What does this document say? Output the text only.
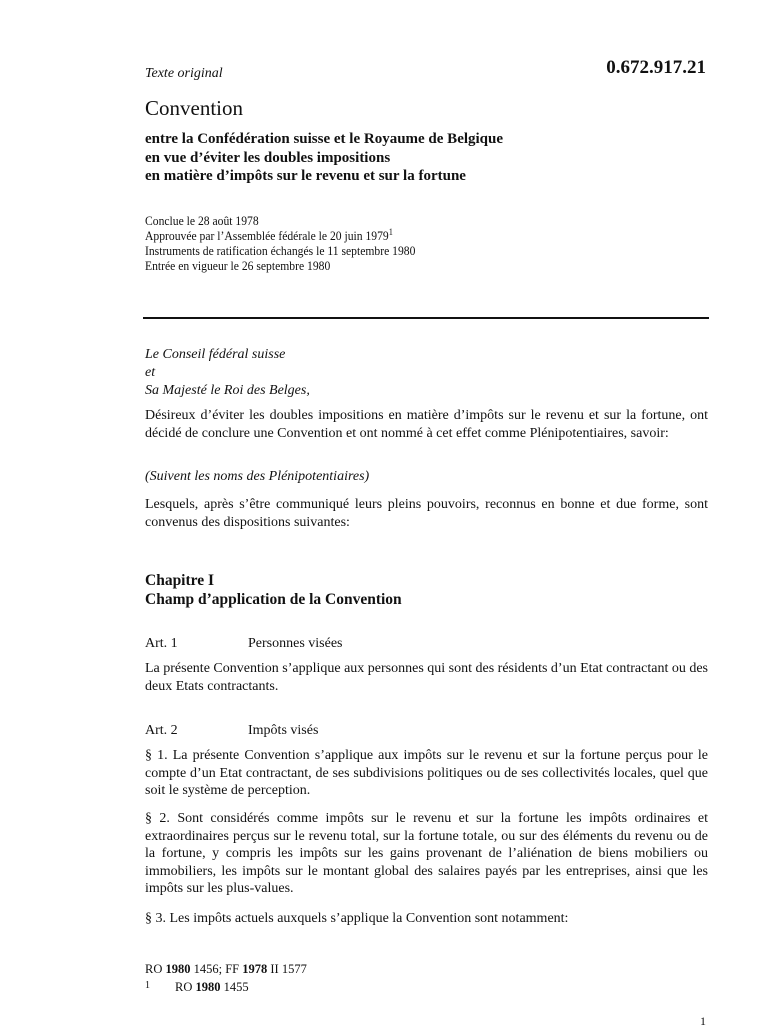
Texte original	0.672.917.21
Convention
entre la Confédération suisse et le Royaume de Belgique
en vue d’éviter les doubles impositions
en matière d’impôts sur le revenu et sur la fortune
Conclue le 28 août 1978
Approuvée par l’Assemblée fédérale le 20 juin 1979$^1$
Instruments de ratification échangés le 11 septembre 1980
Entrée en vigueur le 26 septembre 1980
Le Conseil fédéral suisse
et
Sa Majesté le Roi des Belges,
Désireux d’éviter les doubles impositions en matière d’impôts sur le revenu et sur la fortune, ont décidé de conclure une Convention et ont nommé à cet effet comme Plénipotentiaires, savoir:
(Suivent les noms des Plénipotentiaires)
Lesquels, après s’être communiqué leurs pleins pouvoirs, reconnus en bonne et due forme, sont convenus des dispositions suivantes:
Chapitre I
Champ d’application de la Convention
Art. 1	Personnes visées
La présente Convention s’applique aux personnes qui sont des résidents d’un Etat contractant ou des deux Etats contractants.
Art. 2	Impôts visés
§ 1. La présente Convention s’applique aux impôts sur le revenu et sur la fortune perçus pour le compte d’un Etat contractant, de ses subdivisions politiques ou de ses collectivités locales, quel que soit le système de perception.
§ 2. Sont considérés comme impôts sur le revenu et sur la fortune les impôts ordinaires et extraordinaires perçus sur le revenu total, sur la fortune totale, ou sur des éléments du revenu ou de la fortune, y compris les impôts sur les gains provenant de l’aliénation de biens mobiliers ou immobiliers, les impôts sur le montant global des salaires payés par les entreprises, ainsi que les impôts sur les plus-values.
§ 3. Les impôts actuels auxquels s’applique la Convention sont notamment:
RO 1980 1456; FF 1978 II 1577
1 RO 1980 1455
1
